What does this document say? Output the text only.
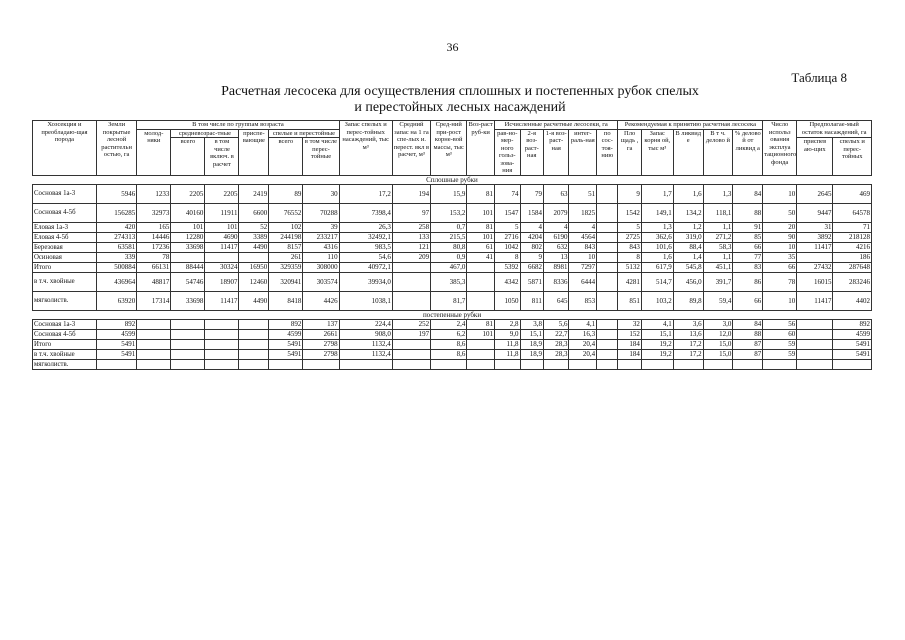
36
Таблица 8
Расчетная лесосека для осуществления сплошных и постепенных рубок спелых
и перестойных лесных насаждений
Хозсекция и преобладаю-щая порода	Земли покрытые лесной растительн остью, га	В том числе по группам возраста						Запас спелых и перес-тойных насаждений, тыс м³	Средний запас на 1 га спе-лых и. перест. вкл в расчет, м³	Сред-ний при-рост корне-вой массы, тыс м³	Воз-раст руб-ки	Исчисленные расчетные лесосеки, га					Рекомендуемая к принятию расчетная лесосека					Число использ ования эксплуа тационного фонда	Предполагае-мый остаток насаждений, га	
		молод-няки	средневозрас-тные		приспе-вающие	спелые и перестойные						рав-но-мер-ного гольз-зова-ния	2-я воз-раст-ная	1-я воз-раст-ная	интег-раль-ная	по сос-тоя-нию	Пло щадь , га	Запас корня ой, тыс м³	В ликвид е	В т ч. делово й	% делово й от ликвид а			
			всего	в том числе включ. в расчет		всего	в том числе перес-тойные																приспев аю-щих	спелых и перес-тойных

Сплошные рубки																								
Сосновая 1а-3	5946	1233	2205	2205	2419	89	30	17,2	194	15,9	81	74	79	63	51		9	1,7	1,6	1,3	84	10	2645	469
Сосновая 4-5б	156285	32973	40160	11911	6600	76552	70288	7398,4	97	153,2	101	1547	1584	2079	1825		1542	149,1	134,2	118,1	88	50	9447	64578
Еловая 1а-3	420	165	101	101	52	102	39	26,3	258	0,7	81	5	4	4	4		5	1,3	1,2	1,1	91	20	31	71
Еловая 4-5б	274313	14446	12280	4690	3389	244198	233217	32492,1	133	215,5	101	2716	4204	6190	4564		2725	362,6	319,0	271,2	85	90	3892	218128
Березовая	63581	17236	33698	11417	4490	8157	4316	983,5	121	80,8	61	1042	802	632	843		843	101,6	88,4	58,3	66	10	11417	4216
Осиновая	339	78				261	110	54,6	209	0,9	41	8	9	13	10		8	1,6	1,4	1,1	77	35		186
Итого	500884	66131	88444	30324	16950	329359	308000	40972,1		467,0		5392	6682	8981	7297		5132	617,9	545,8	451,1	83	66	27432	287648
в т.ч. хвойные	436964	48817	54746	18907	12460	320941	303574	39934,0		385,3		4342	5871	8336	6444		4281	514,7	456,0	391,7	86	78	16015	283246
мягколиств.	63920	17314	33698	11417	4490	8418	4426	1038,1		81,7		1050	811	645	853		851	103,2	89,8	59,4	66	10	11417	4402
постепенные рубки																								
Сосновая 1а-3	892					892	137	224,4	252	2,4	81	2,8	3,8	5,6	4,1		32	4,1	3,6	3,0	84	56		892
Сосновая 4-5б	4599					4599	2661	908,0	197	6,2	101	9,0	15,1	22,7	16,3		152	15,1	13,6	12,0	88	60		4599
Итого	5491					5491	2798	1132,4		8,6		11,8	18,9	28,3	20,4		184	19,2	17,2	15,0	87	59		5491
в т.ч. хвойные	5491					5491	2798	1132,4		8,6		11,8	18,9	28,3	20,4		184	19,2	17,2	15,0	87	59		5491
мягколиств.																								
